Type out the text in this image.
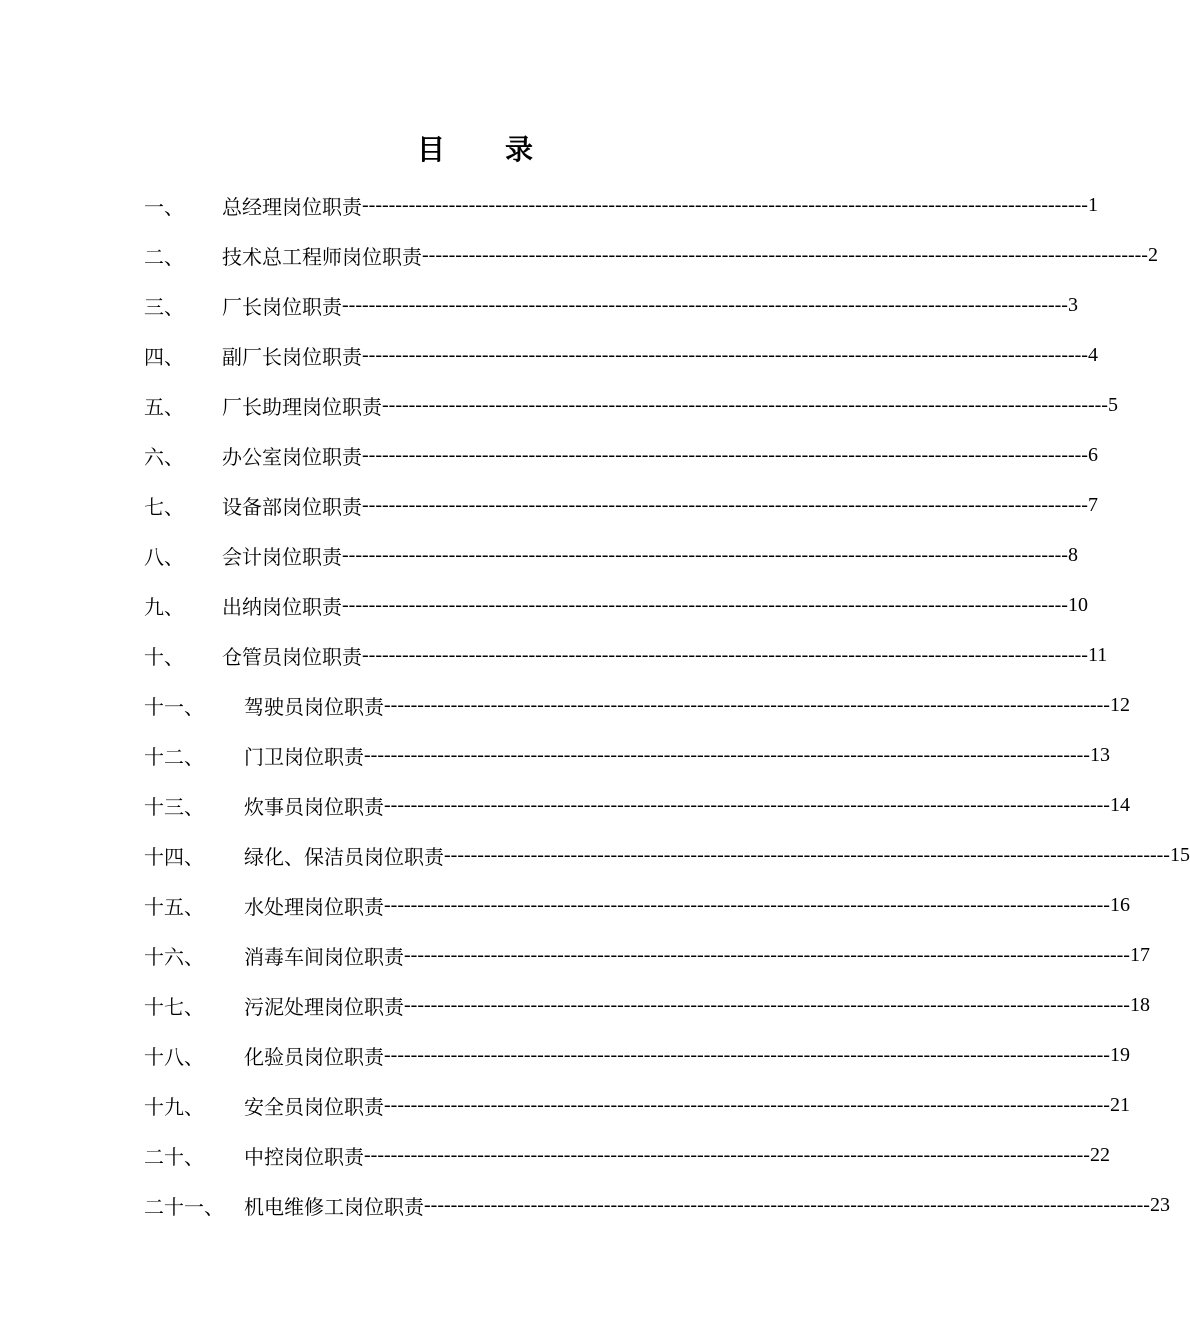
目 录
一、	总经理岗位职责 ------------------------------------------------------------------------------------------------------------- 1
二、	技术总工程师岗位职责 ------------------------------------------------------------------------------------------------------------- 2
三、	厂长岗位职责 ------------------------------------------------------------------------------------------------------------- 3
四、	副厂长岗位职责 ------------------------------------------------------------------------------------------------------------- 4
五、	厂长助理岗位职责 ------------------------------------------------------------------------------------------------------------- 5
六、	办公室岗位职责 ------------------------------------------------------------------------------------------------------------- 6
七、	设备部岗位职责 ------------------------------------------------------------------------------------------------------------- 7
八、	会计岗位职责 ------------------------------------------------------------------------------------------------------------- 8
九、	出纳岗位职责 ------------------------------------------------------------------------------------------------------------- 10
十、	仓管员岗位职责 ------------------------------------------------------------------------------------------------------------- 11
十一、	驾驶员岗位职责 ------------------------------------------------------------------------------------------------------------- 12
十二、	门卫岗位职责 ------------------------------------------------------------------------------------------------------------- 13
十三、	炊事员岗位职责 ------------------------------------------------------------------------------------------------------------- 14
十四、	绿化、保洁员岗位职责 ------------------------------------------------------------------------------------------------------------- 15
十五、	水处理岗位职责 ------------------------------------------------------------------------------------------------------------- 16
十六、	消毒车间岗位职责 ------------------------------------------------------------------------------------------------------------- 17
十七、	污泥处理岗位职责 ------------------------------------------------------------------------------------------------------------- 18
十八、	化验员岗位职责 ------------------------------------------------------------------------------------------------------------- 19
十九、	安全员岗位职责 ------------------------------------------------------------------------------------------------------------- 21
二十、	中控岗位职责 ------------------------------------------------------------------------------------------------------------- 22
二十一、	机电维修工岗位职责 ------------------------------------------------------------------------------------------------------------- 23
